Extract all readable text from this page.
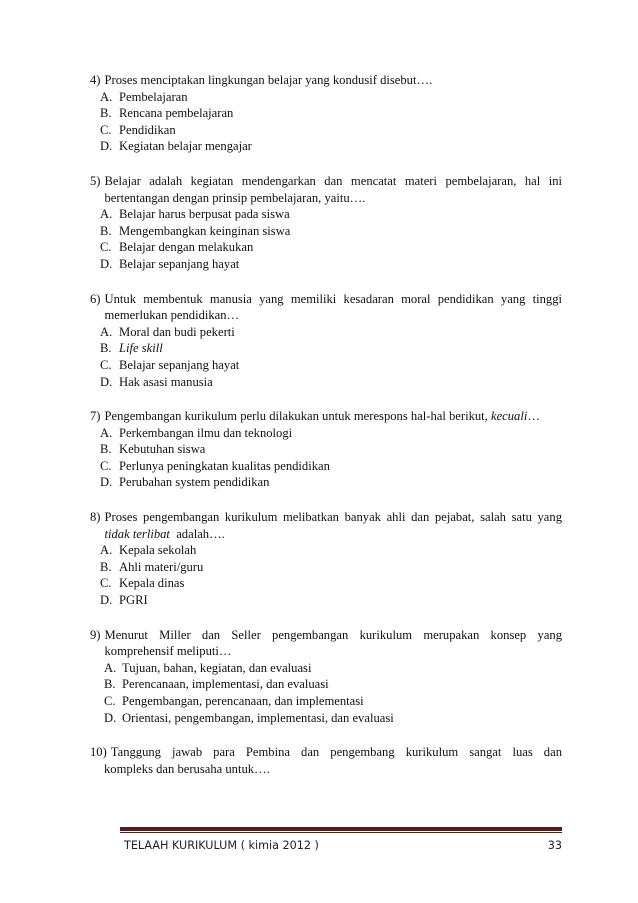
4) Proses menciptakan lingkungan belajar yang kondusif disebut….
A. Pembelajaran
B. Rencana pembelajaran
C. Pendidikan
D. Kegiatan belajar mengajar
5) Belajar adalah kegiatan mendengarkan dan mencatat materi pembelajaran, hal ini
bertentangan dengan prinsip pembelajaran, yaitu….
A. Belajar harus berpusat pada siswa
B. Mengembangkan keinginan siswa
C. Belajar dengan melakukan
D. Belajar sepanjang hayat
6) Untuk membentuk manusia yang memiliki kesadaran moral pendidikan yang tinggi
memerlukan pendidikan…
A. Moral dan budi pekerti
B. Life skill
C. Belajar sepanjang hayat
D. Hak asasi manusia
7) Pengembangan kurikulum perlu dilakukan untuk merespons hal-hal berikut, kecuali…
A. Perkembangan ilmu dan teknologi
B. Kebutuhan siswa
C. Perlunya peningkatan kualitas pendidikan
D. Perubahan system pendidikan
8) Proses pengembangan kurikulum melibatkan banyak ahli dan pejabat, salah satu yang
tidak terlibat adalah….
A. Kepala sekolah
B. Ahli materi/guru
C. Kepala dinas
D. PGRI
9) Menurut Miller dan Seller pengembangan kurikulum merupakan konsep yang
komprehensif meliputi…
A. Tujuan, bahan, kegiatan, dan evaluasi
B. Perencanaan, implementasi, dan evaluasi
C. Pengembangan, perencanaan, dan implementasi
D. Orientasi, pengembangan, implementasi, dan evaluasi
10) Tanggung jawab para Pembina dan pengembang kurikulum sangat luas dan
kompleks dan berusaha untuk….
TELAAH KURIKULUM ( kimia 2012 )	33
